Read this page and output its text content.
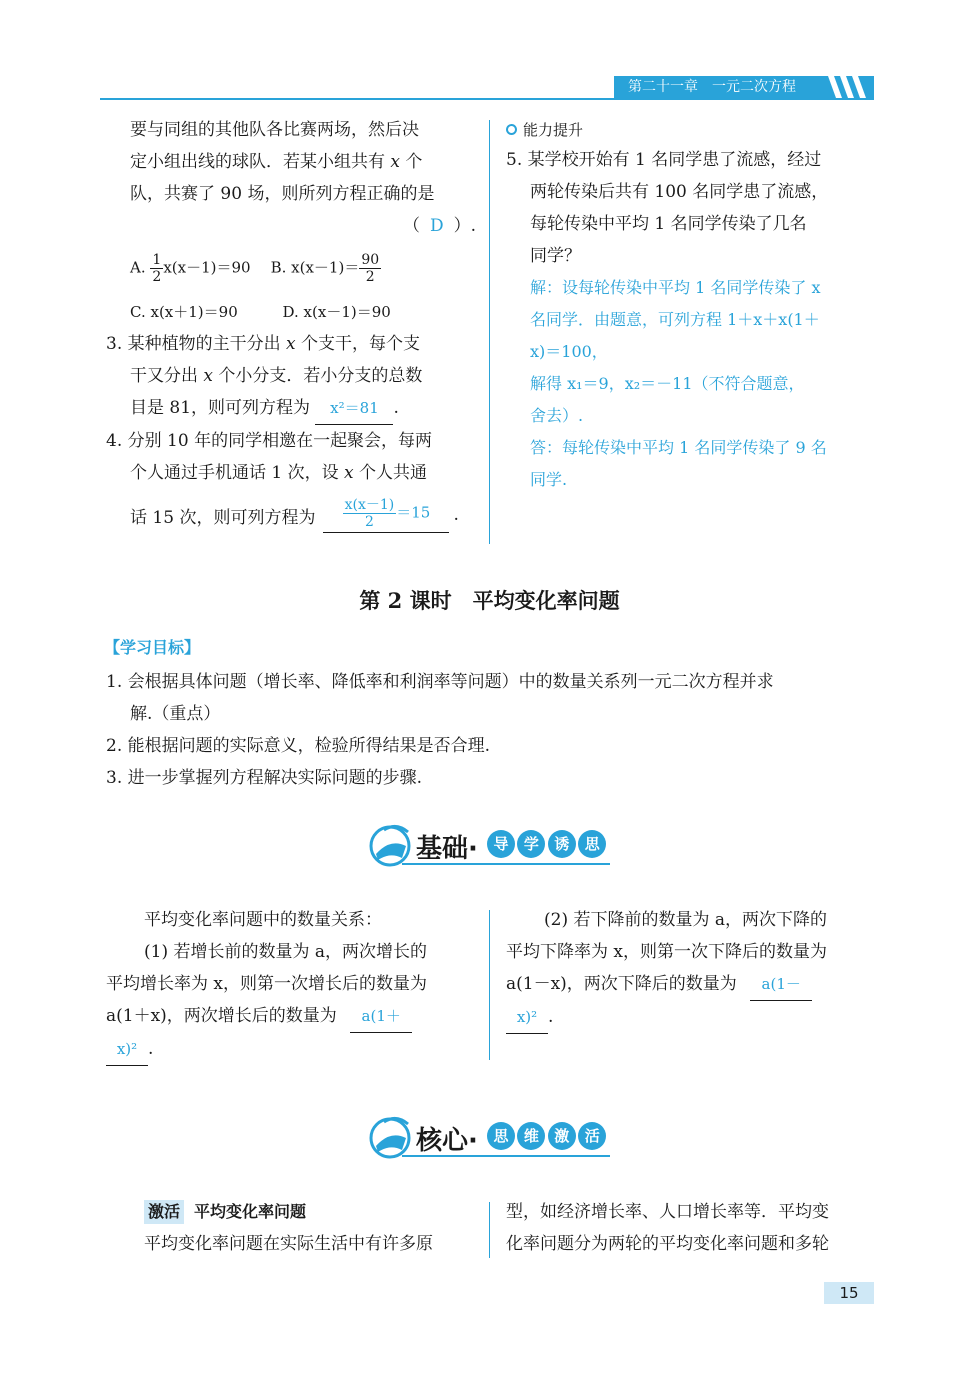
第二十一章　一元二次方程
要与同组的其他队各比赛两场，然后决
定小组出线的球队．若某小组共有 x 个
队，共赛了 90 场，则所列方程正确的是
（ D ）.
A. $\frac{1}{2} x(x-1)=90$ B. $x(x-1)= \frac{90}{2}$
C. x(x＋1)＝90	D. x(x－1)＝90
3. 某种植物的主干分出 x 个支干，每个支
干又分出 x 个小分支．若小分支的总数
目是 81，则可列方程为 x²＝81 .
4. 分别 10 年的同学相邀在一起聚会，每两
个人通过手机通话 1 次，设 x 个人共通
话 15 次，则可列方程为 $\frac{x(x-1)}{2} =15$	.
能力提升
5. 某学校开始有 1 名同学患了流感，经过
两轮传染后共有 100 名同学患了流感，
每轮传染中平均 1 名同学传染了几名
同学？
解：设每轮传染中平均 1 名同学传染了 x
名同学．由题意，可列方程 1＋x＋x(1＋
x)＝100，
解得 x₁＝9，x₂＝－11（不符合题意，
舍去）.
答：每轮传染中平均 1 名同学传染了 9 名
同学.
第 2 课时　平均变化率问题
【学习目标】
1. 会根据具体问题（增长率、降低率和利润率等问题）中的数量关系列一元二次方程并求
解.（重点）
2. 能根据问题的实际意义，检验所得结果是否合理.
3. 进一步掌握列方程解决实际问题的步骤.
基础· 导 学 诱 思
平均变化率问题中的数量关系：
(1) 若增长前的数量为 a，两次增长的
平均增长率为 x，则第一次增长后的数量为
a(1＋x)，两次增长后的数量为 a(1＋
x)² .
(2) 若下降前的数量为 a，两次下降的
平均下降率为 x，则第一次下降后的数量为
a(1－x)，两次下降后的数量为 a(1－
x)² .
核心· 思 维 激 活
激活 平均变化率问题
平均变化率问题在实际生活中有许多原
型，如经济增长率、人口增长率等．平均变
化率问题分为两轮的平均变化率问题和多轮
15
